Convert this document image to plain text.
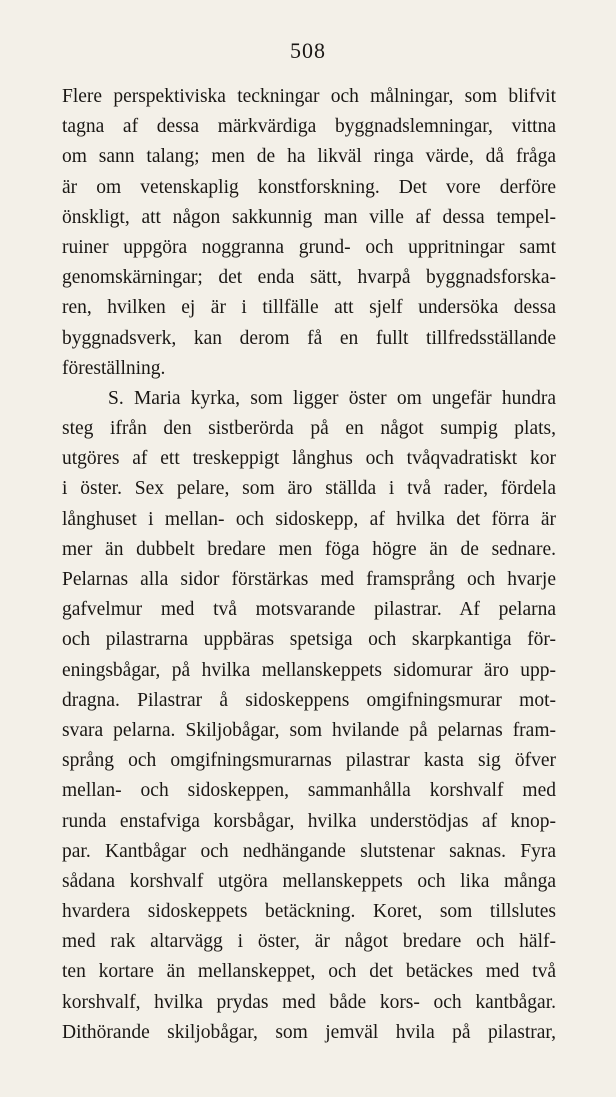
508
Flere perspektiviska teckningar och målningar, som blifvit
tagna af dessa märkvärdiga byggnadslemningar, vittna
om sann talang; men de ha likväl ringa värde, då fråga
är om vetenskaplig konstforskning. Det vore derföre
önskligt, att någon sakkunnig man ville af dessa tempel-
ruiner uppgöra noggranna grund- och uppritningar samt
genomskärningar; det enda sätt, hvarpå byggnadsforska-
ren, hvilken ej är i tillfälle att sjelf undersöka dessa
byggnadsverk, kan derom få en fullt tillfredsställande
föreställning.
S. Maria kyrka, som ligger öster om ungefär hundra
steg ifrån den sistberörda på en något sumpig plats,
utgöres af ett treskeppigt långhus och tvåqvadratiskt kor
i öster. Sex pelare, som äro ställda i två rader, fördela
långhuset i mellan- och sidoskepp, af hvilka det förra är
mer än dubbelt bredare men föga högre än de sednare.
Pelarnas alla sidor förstärkas med framsprång och hvarje
gafvelmur med två motsvarande pilastrar. Af pelarna
och pilastrarna uppbäras spetsiga och skarpkantiga för-
eningsbågar, på hvilka mellanskeppets sidomurar äro upp-
dragna. Pilastrar å sidoskeppens omgifningsmurar mot-
svara pelarna. Skiljobågar, som hvilande på pelarnas fram-
språng och omgifningsmurarnas pilastrar kasta sig öfver
mellan- och sidoskeppen, sammanhålla korshvalf med
runda enstafviga korsbågar, hvilka understödjas af knop-
par. Kantbågar och nedhängande slutstenar saknas. Fyra
sådana korshvalf utgöra mellanskeppets och lika många
hvardera sidoskeppets betäckning. Koret, som tillslutes
med rak altarvägg i öster, är något bredare och hälf-
ten kortare än mellanskeppet, och det betäckes med två
korshvalf, hvilka prydas med både kors- och kantbågar.
Dithörande skiljobågar, som jemväl hvila på pilastrar,
